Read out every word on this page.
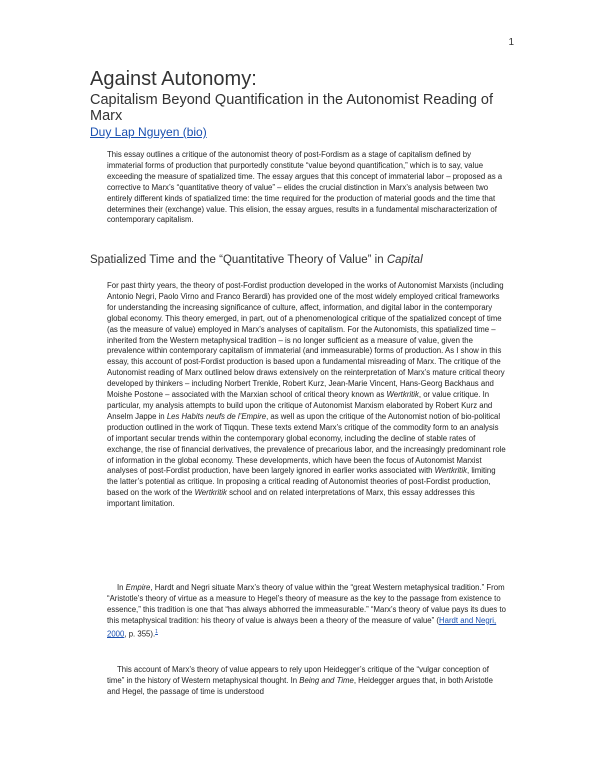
1
Against Autonomy:
Capitalism Beyond Quantification in the Autonomist Reading of Marx
Duy Lap Nguyen (bio)

This essay outlines a critique of the autonomist theory of post-Fordism as a stage of capitalism defined by immaterial forms of production that purportedly constitute “value beyond quantification,” which is to say, value exceeding the measure of spatialized time. The essay argues that this concept of immaterial labor – proposed as a corrective to Marx’s “quantitative theory of value” – elides the crucial distinction in Marx’s analysis between two entirely different kinds of spatialized time: the time required for the production of material goods and the time that determines their (exchange) value. This elision, the essay argues, results in a fundamental mischaracterization of contemporary capitalism.

Spatialized Time and the “Quantitative Theory of Value” in Capital

For past thirty years, the theory of post-Fordist production developed in the works of Autonomist Marxists (including Antonio Negri, Paolo Virno and Franco Berardi) has provided one of the most widely employed critical frameworks for understanding the increasing significance of culture, affect, information, and digital labor in the contemporary global economy. This theory emerged, in part, out of a phenomenological critique of the spatialized concept of time (as the measure of value) employed in Marx’s analyses of capitalism. For the Autonomists, this spatialized time – inherited from the Western metaphysical tradition – is no longer sufficient as a measure of value, given the prevalence within contemporary capitalism of immaterial (and immeasurable) forms of production. As I show in this essay, this account of post-Fordist production is based upon a fundamental misreading of Marx. The critique of the Autonomist reading of Marx outlined below draws extensively on the reinterpretation of Marx’s mature critical theory developed by thinkers – including Norbert Trenkle, Robert Kurz, Jean-Marie Vincent, Hans-Georg Backhaus and Moishe Postone – associated with the Marxian school of critical theory known as Wertkritik, or value critique. In particular, my analysis attempts to build upon the critique of Autonomist Marxism elaborated by Robert Kurz and Anselm Jappe in Les Habits neufs de l’Empire, as well as upon the critique of the Autonomist notion of bio-political production outlined in the work of Tiqqun. These texts extend Marx’s critique of the commodity form to an analysis of important secular trends within the contemporary global economy, including the decline of stable rates of exchange, the rise of financial derivatives, the prevalence of precarious labor, and the increasingly predominant role of information in the global economy. These developments, which have been the focus of Autonomist Marxist analyses of post-Fordist production, have been largely ignored in earlier works associated with Wertkritik, limiting the latter’s potential as critique. In proposing a critical reading of Autonomist theories of post-Fordist production, based on the work of the Wertkritik school and on related interpretations of Marx, this essay addresses this important limitation.

In Empire, Hardt and Negri situate Marx’s theory of value within the “great Western metaphysical tradition.” From “Aristotle’s theory of virtue as a measure to Hegel’s theory of measure as the key to the passage from existence to essence,” this tradition is one that “has always abhorred the immeasurable.” “Marx’s theory of value pays its dues to this metaphysical tradition: his theory of value is always been a theory of the measure of value” (Hardt and Negri, 2000, p. 355).$^1$

This account of Marx’s theory of value appears to rely upon Heidegger’s critique of the “vulgar conception of time” in the history of Western metaphysical thought. In Being and Time, Heidegger argues that, in both Aristotle and Hegel, the passage of time is understood
